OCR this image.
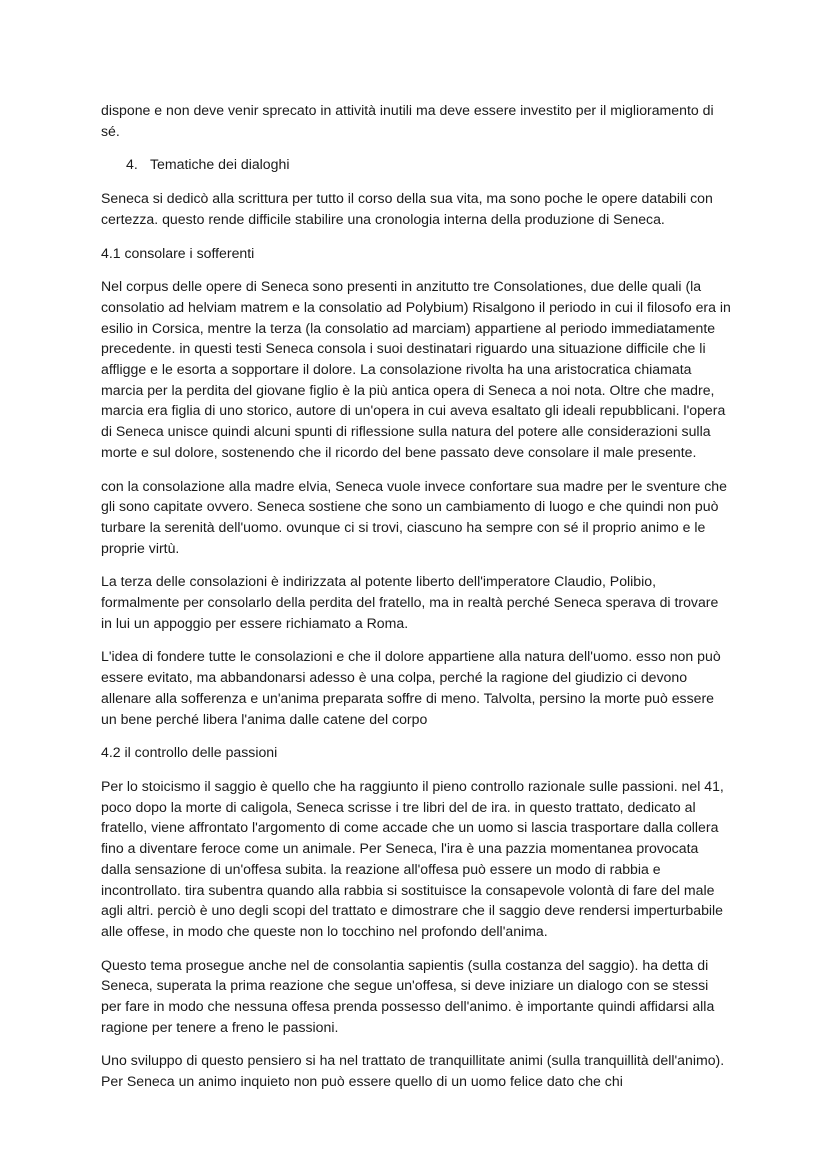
dispone e non deve venir sprecato in attività inutili ma deve essere investito per il miglioramento di sé.

4. Tematiche dei dialoghi

Seneca si dedicò alla scrittura per tutto il corso della sua vita, ma sono poche le opere databili con certezza. questo rende difficile stabilire una cronologia interna della produzione di Seneca.

4.1 consolare i sofferenti

Nel corpus delle opere di Seneca sono presenti in anzitutto tre Consolationes, due delle quali (la consolatio ad helviam matrem e la consolatio ad Polybium) Risalgono il periodo in cui il filosofo era in esilio in Corsica, mentre la terza (la consolatio ad marciam) appartiene al periodo immediatamente precedente. in questi testi Seneca consola i suoi destinatari riguardo una situazione difficile che li affligge e le esorta a sopportare il dolore. La consolazione rivolta ha una aristocratica chiamata marcia per la perdita del giovane figlio è la più antica opera di Seneca a noi nota. Oltre che madre, marcia era figlia di uno storico, autore di un'opera in cui aveva esaltato gli ideali repubblicani. l'opera di Seneca unisce quindi alcuni spunti di riflessione sulla natura del potere alle considerazioni sulla morte e sul dolore, sostenendo che il ricordo del bene passato deve consolare il male presente.

con la consolazione alla madre elvia, Seneca vuole invece confortare sua madre per le sventure che gli sono capitate ovvero. Seneca sostiene che sono un cambiamento di luogo e che quindi non può turbare la serenità dell'uomo. ovunque ci si trovi, ciascuno ha sempre con sé il proprio animo e le proprie virtù.

La terza delle consolazioni è indirizzata al potente liberto dell'imperatore Claudio, Polibio, formalmente per consolarlo della perdita del fratello, ma in realtà perché Seneca sperava di trovare in lui un appoggio per essere richiamato a Roma.

L'idea di fondere tutte le consolazioni e che il dolore appartiene alla natura dell'uomo. esso non può essere evitato, ma abbandonarsi adesso è una colpa, perché la ragione del giudizio ci devono allenare alla sofferenza e un'anima preparata soffre di meno. Talvolta, persino la morte può essere un bene perché libera l'anima dalle catene del corpo

4.2 il controllo delle passioni

Per lo stoicismo il saggio è quello che ha raggiunto il pieno controllo razionale sulle passioni. nel 41, poco dopo la morte di caligola, Seneca scrisse i tre libri del de ira. in questo trattato, dedicato al fratello, viene affrontato l'argomento di come accade che un uomo si lascia trasportare dalla collera fino a diventare feroce come un animale. Per Seneca, l'ira è una pazzia momentanea provocata dalla sensazione di un'offesa subita. la reazione all'offesa può essere un modo di rabbia e incontrollato. tira subentra quando alla rabbia si sostituisce la consapevole volontà di fare del male agli altri. perciò è uno degli scopi del trattato e dimostrare che il saggio deve rendersi imperturbabile alle offese, in modo che queste non lo tocchino nel profondo dell'anima.

Questo tema prosegue anche nel de consolantia sapientis (sulla costanza del saggio). ha detta di Seneca, superata la prima reazione che segue un'offesa, si deve iniziare un dialogo con se stessi per fare in modo che nessuna offesa prenda possesso dell'animo. è importante quindi affidarsi alla ragione per tenere a freno le passioni.

Uno sviluppo di questo pensiero si ha nel trattato de tranquillitate animi (sulla tranquillità dell'animo). Per Seneca un animo inquieto non può essere quello di un uomo felice dato che chi
